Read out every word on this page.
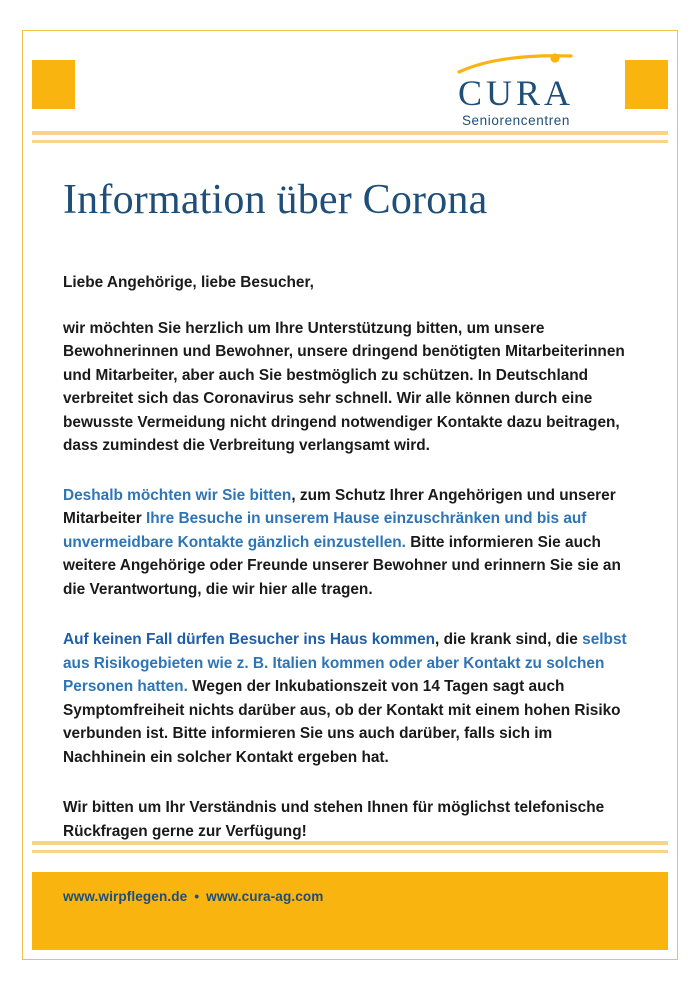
CURA
Seniorencentren
Information über Corona

Liebe Angehörige, liebe Besucher,

wir möchten Sie herzlich um Ihre Unterstützung bitten, um unsere Bewohnerinnen und Bewohner, unsere dringend benötigten Mitarbeiterinnen und Mitarbeiter, aber auch Sie bestmöglich zu schützen. In Deutschland verbreitet sich das Coronavirus sehr schnell. Wir alle können durch eine bewusste Vermeidung nicht dringend notwendiger Kontakte dazu beitragen, dass zumindest die Verbreitung verlangsamt wird.

Deshalb möchten wir Sie bitten, zum Schutz Ihrer Angehörigen und unserer Mitarbeiter Ihre Besuche in unserem Hause einzuschränken und bis auf unvermeidbare Kontakte gänzlich einzustellen. Bitte informieren Sie auch weitere Angehörige oder Freunde unserer Bewohner und erinnern Sie sie an die Verantwortung, die wir hier alle tragen.

Auf keinen Fall dürfen Besucher ins Haus kommen, die krank sind, die selbst aus Risikogebieten wie z. B. Italien kommen oder aber Kontakt zu solchen Personen hatten. Wegen der Inkubationszeit von 14 Tagen sagt auch Symptomfreiheit nichts darüber aus, ob der Kontakt mit einem hohen Risiko verbunden ist. Bitte informieren Sie uns auch darüber, falls sich im Nachhinein ein solcher Kontakt ergeben hat.

Wir bitten um Ihr Verständnis und stehen Ihnen für möglichst telefonische Rückfragen gerne zur Verfügung!

www.wirpflegen.de • www.cura-ag.com
